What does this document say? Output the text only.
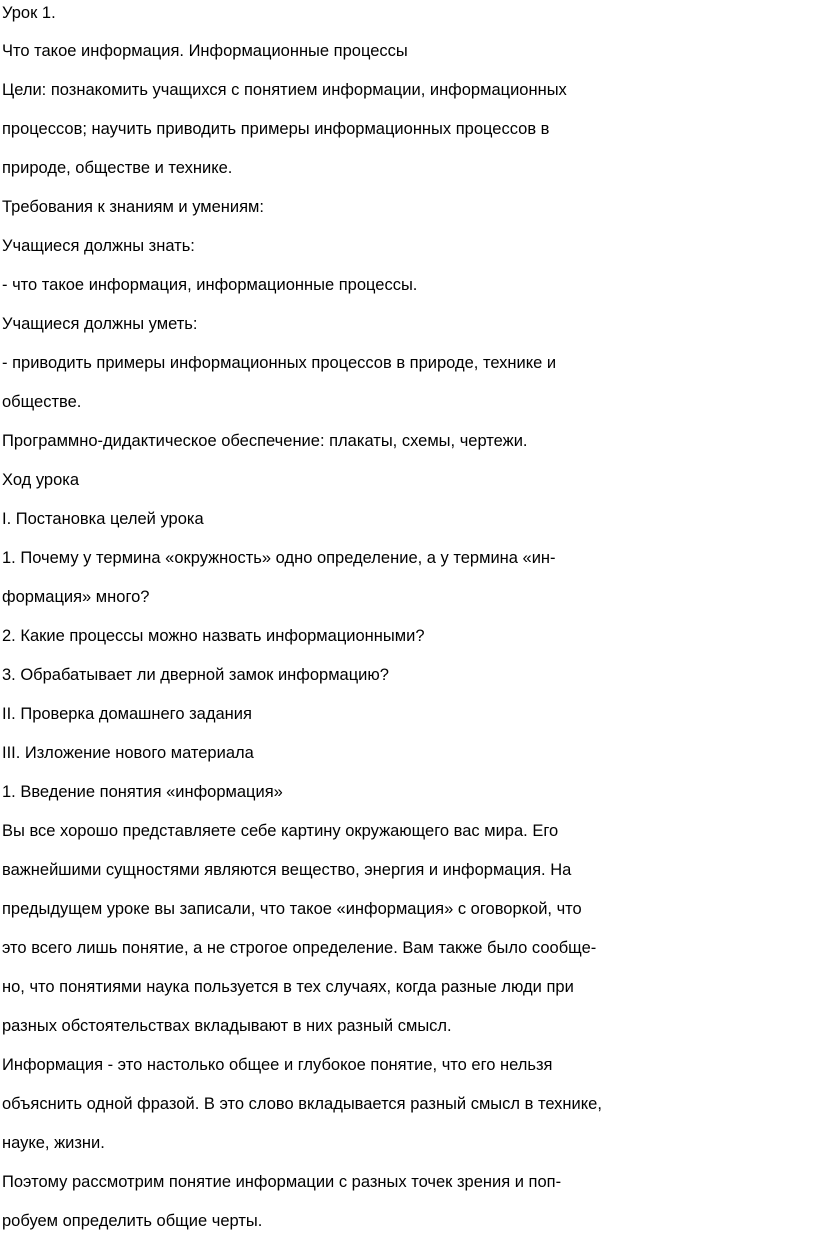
Урок 1.

Что такое информация. Информационные процессы

Цели: познакомить учащихся с понятием информации, информационных

процессов; научить приводить примеры информационных процессов в

природе, обществе и технике.

Требования к знаниям и умениям:

Учащиеся должны знать:

- что такое информация, информационные процессы.

Учащиеся должны уметь:

- приводить примеры информационных процессов в природе, технике и

обществе.

Программно-дидактическое обеспечение: плакаты, схемы, чертежи.

Ход урока

I. Постановка целей урока

1. Почему у термина «окружность» одно определение, а у термина «ин-

формация» много?

2. Какие процессы можно назвать информационными?

3. Обрабатывает ли дверной замок информацию?

II. Проверка домашнего задания

III. Изложение нового материала

1. Введение понятия «информация»

Вы все хорошо представляете себе картину окружающего вас мира. Его

важнейшими сущностями являются вещество, энергия и информация. На

предыдущем уроке вы записали, что такое «информация» с оговоркой, что

это всего лишь понятие, а не строгое определение. Вам также было сообще-

но, что понятиями наука пользуется в тех случаях, когда разные люди при

разных обстоятельствах вкладывают в них разный смысл.

Информация - это настолько общее и глубокое понятие, что его нельзя

объяснить одной фразой. В это слово вкладывается разный смысл в технике,

науке, жизни.

Поэтому рассмотрим понятие информации с разных точек зрения и поп-

робуем определить общие черты.
